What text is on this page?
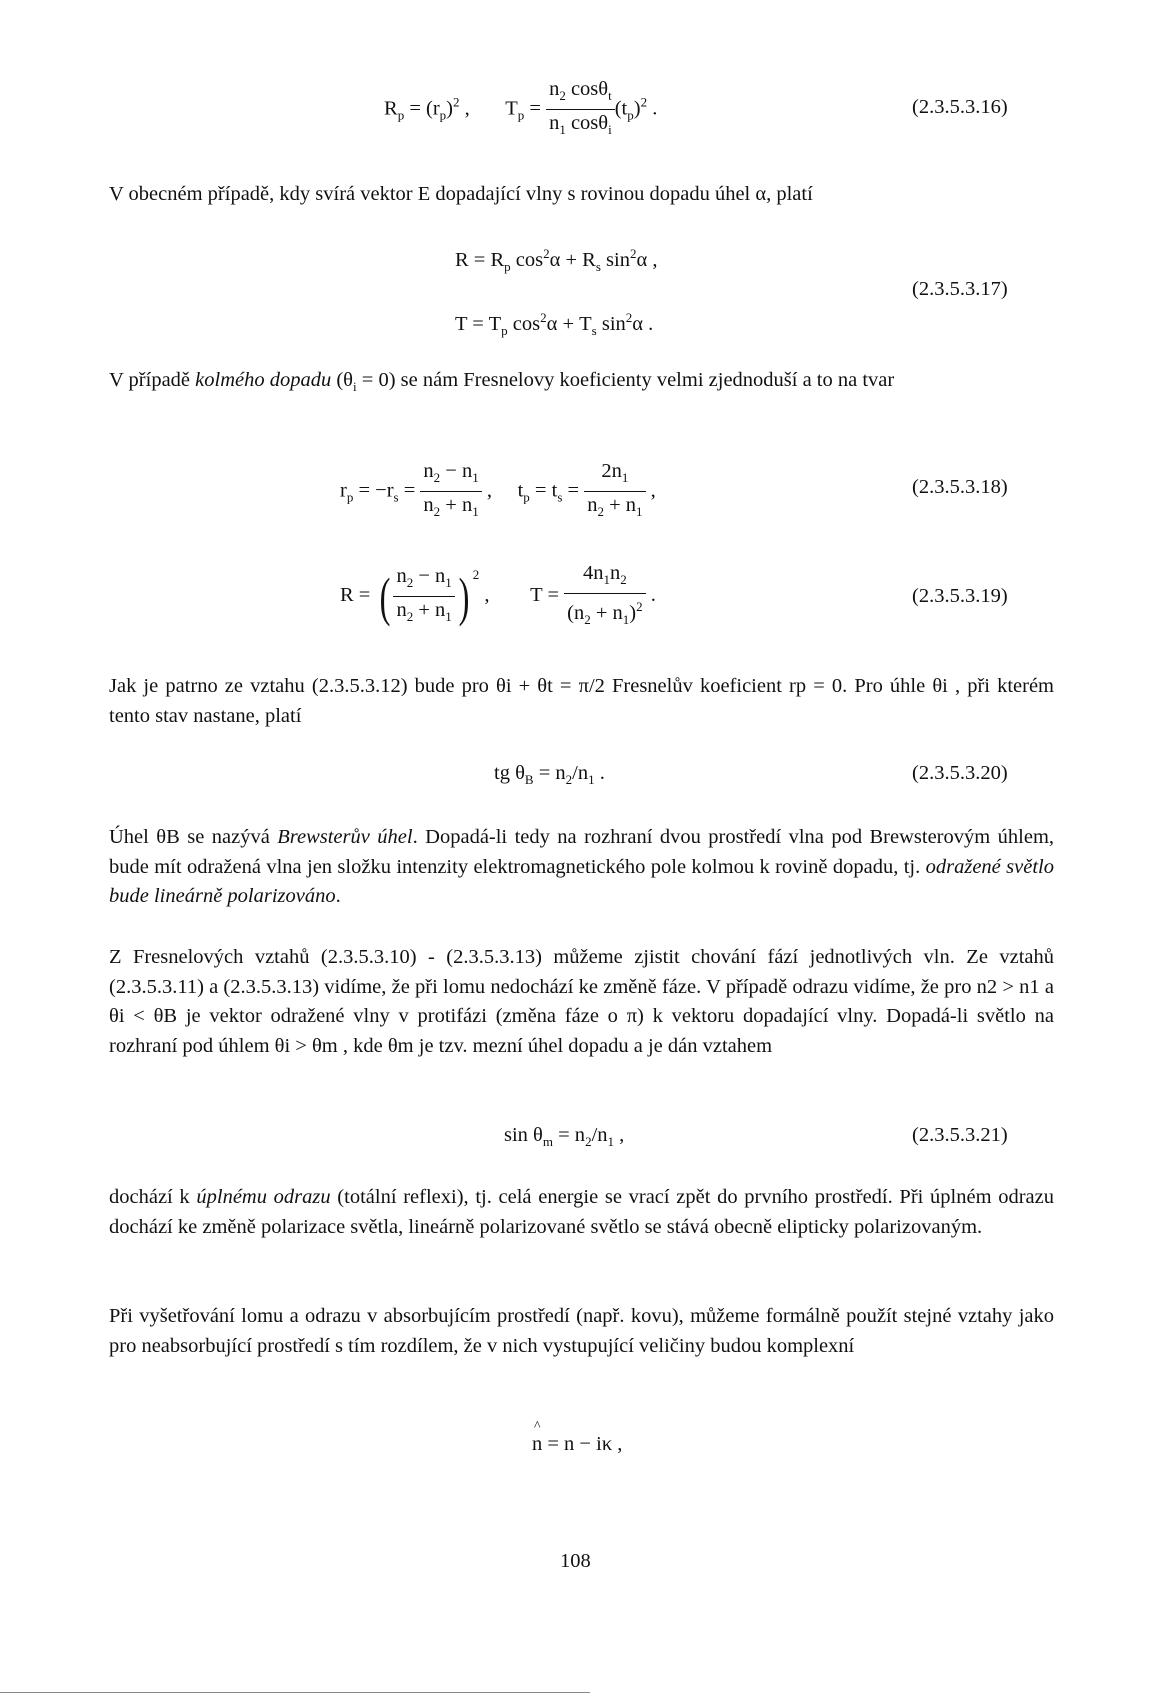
$R_p = (r_p)^2$ ,       $T_p = \frac{n_2 \cos\theta_t}{n_1 \cos\theta_i} (t_p)^2$ .	(2.3.5.3.16)

V obecném případě, kdy svírá vektor E dopadající vlny s rovinou dopadu úhel α, platí

$R = R_p$ $\cos^2\alpha + R_s$ $\sin^2\alpha$ ,
$T = T_p$ $\cos^2\alpha + T_s$ $\sin^2\alpha$ .
(2.3.5.3.17)

V případě kolmého dopadu $(\theta_i = 0)$ se nám Fresnelovy koeficienty velmi zjednoduší a to na tvar

$r_p = -r_s = \frac{n_2 - n_1}{n_2 + n_1}$ ,     $t_p = t_s = \frac{2n_1}{n_2 + n_1}$ ,	(2.3.5.3.18)
R = ( $\frac{n_2 - n_1}{n_2 + n_1}$ ) $^2$ ,        $T = \frac{4n_1n_2}{(n_2 + n_1)^2}$ .	(2.3.5.3.19)

Jak je patrno ze vztahu (2.3.5.3.12) bude pro θi + θt = π/2 Fresnelův koeficient rp = 0. Pro úhle θi , při kterém tento stav nastane, platí

tg $\theta_B = n_2/n_1$ .	(2.3.5.3.20)

Úhel θB se nazývá Brewsterův úhel. Dopadá-li tedy na rozhraní dvou prostředí vlna pod Brewsterovým úhlem, bude mít odražená vlna jen složku intenzity elektromagnetického pole kolmou k rovině dopadu, tj. odražené světlo bude lineárně polarizováno.

Z Fresnelových vztahů (2.3.5.3.10) - (2.3.5.3.13) můžeme zjistit chování fází jednotlivých vln. Ze vztahů (2.3.5.3.11) a (2.3.5.3.13) vidíme, že při lomu nedochází ke změně fáze. V případě odrazu vidíme, že pro n2 > n1 a θi < θB je vektor odražené vlny v protifázi (změna fáze o π) k vektoru dopadající vlny. Dopadá-li světlo na rozhraní pod úhlem θi > θm , kde θm je tzv. mezní úhel dopadu a je dán vztahem

$\sin \theta_m = n_2/n_1$ ,	(2.3.5.3.21)

dochází k úplnému odrazu (totální reflexi), tj. celá energie se vrací zpět do prvního prostředí. Při úplném odrazu dochází ke změně polarizace světla, lineárně polarizované světlo se stává obecně elipticky polarizovaným.

Při vyšetřování lomu a odrazu v absorbujícím prostředí (např. kovu), můžeme formálně použít stejné vztahy jako pro neabsorbující prostředí s tím rozdílem, že v nich vystupující veličiny budou komplexní

^ n = n − iκ ,
108
